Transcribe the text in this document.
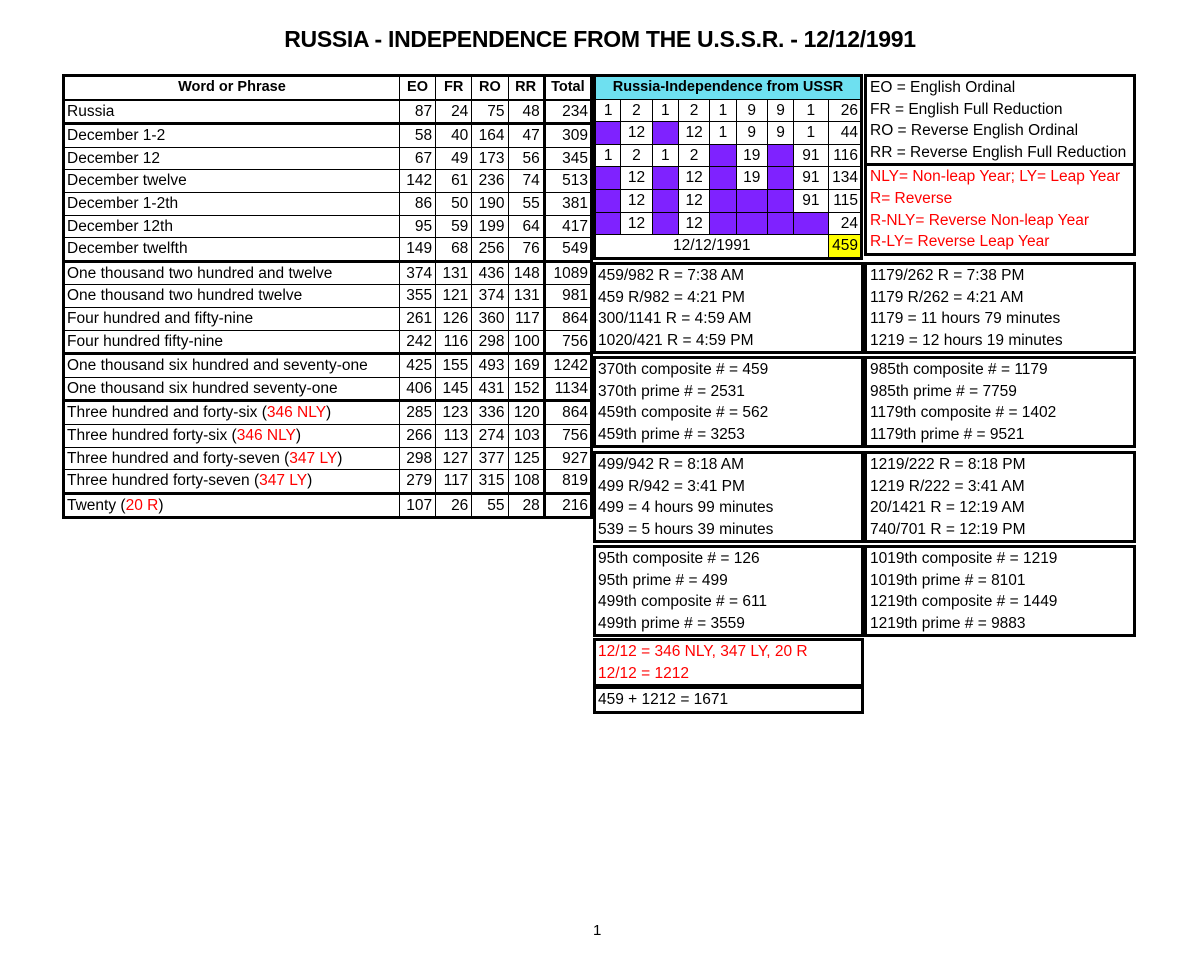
RUSSIA - INDEPENDENCE FROM THE U.S.S.R. - 12/12/1991
Word or Phrase	EO	FR	RO	RR	Total
Russia	87	24	75	48	234
December 1-2	58	40	164	47	309
December 12	67	49	173	56	345
December twelve	142	61	236	74	513
December 1-2th	86	50	190	55	381
December 12th	95	59	199	64	417
December twelfth	149	68	256	76	549
One thousand two hundred and twelve	374	131	436	148	1089
One thousand two hundred twelve	355	121	374	131	981
Four hundred and fifty-nine	261	126	360	117	864
Four hundred fifty-nine	242	116	298	100	756
One thousand six hundred and seventy-one	425	155	493	169	1242
One thousand six hundred seventy-one	406	145	431	152	1134
Three hundred and forty-six (346 NLY)	285	123	336	120	864
Three hundred forty-six (346 NLY)	266	113	274	103	756
Three hundred and forty-seven (347 LY)	298	127	377	125	927
Three hundred forty-seven (347 LY)	279	117	315	108	819
Twenty (20 R)	107	26	55	28	216
Russia-Independence from USSR								
1	2	1	2	1	9	9	1	26
	12		12	1	9	9	1	44
1	2	1	2		19		91	116
	12		12		19		91	134
	12		12				91	115
	12		12					24
12/12/1991								459
EO = English Ordinal
FR = English Full Reduction
RO = Reverse English Ordinal
RR = Reverse English Full Reduction
NLY= Non-leap Year; LY= Leap Year
R= Reverse
R-NLY= Reverse Non-leap Year
R-LY= Reverse Leap Year
459/982 R = 7:38 AM
459 R/982 = 4:21 PM
300/1141 R = 4:59 AM
1020/421 R = 4:59 PM
370th composite # = 459
370th prime # = 2531
459th composite # = 562
459th prime # = 3253
499/942 R = 8:18 AM
499 R/942 = 3:41 PM
499 = 4 hours 99 minutes
539 = 5 hours 39 minutes
95th composite # = 126
95th prime # = 499
499th composite # = 611
499th prime # = 3559
12/12 = 346 NLY, 347 LY, 20 R
12/12 = 1212
459 + 1212 = 1671
1179/262 R = 7:38 PM
1179 R/262 = 4:21 AM
1179 = 11 hours 79 minutes
1219 = 12 hours 19 minutes
985th composite # = 1179
985th prime # = 7759
1179th composite # = 1402
1179th prime # = 9521
1219/222 R = 8:18 PM
1219 R/222 = 3:41 AM
20/1421 R = 12:19 AM
740/701 R = 12:19 PM
1019th composite # = 1219
1019th prime # = 8101
1219th composite # = 1449
1219th prime # = 9883
1
